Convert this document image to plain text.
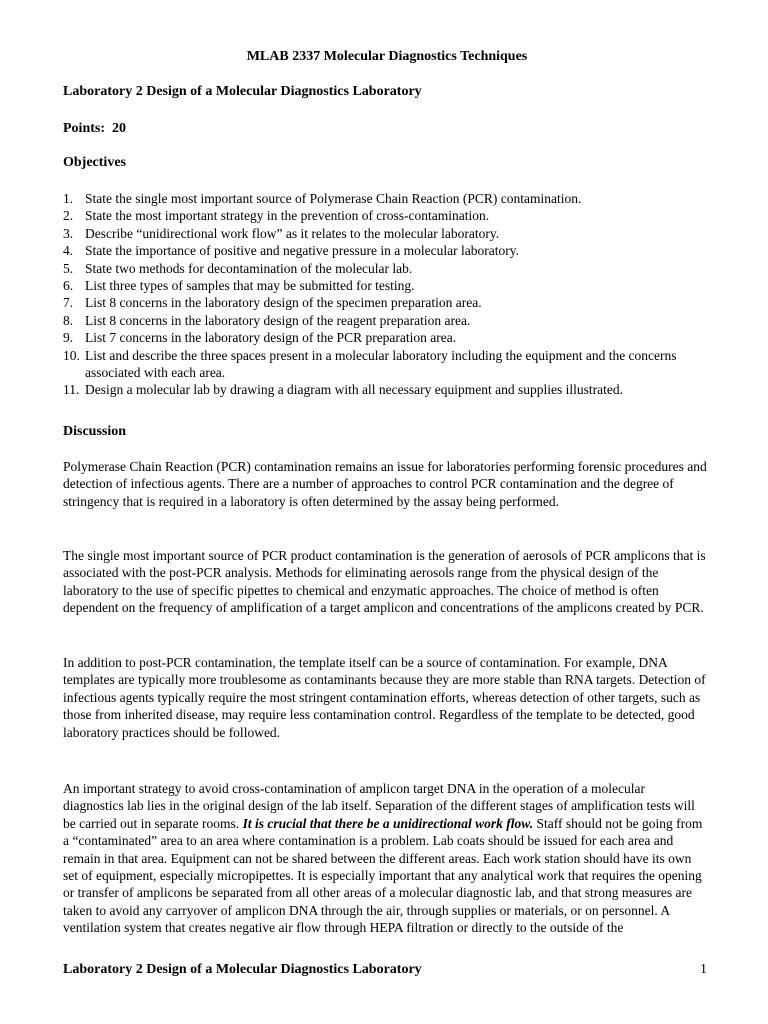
MLAB 2337 Molecular Diagnostics Techniques
Laboratory 2 Design of a Molecular Diagnostics Laboratory
Points:  20
Objectives
1. State the single most important source of Polymerase Chain Reaction (PCR) contamination.
2. State the most important strategy in the prevention of cross-contamination.
3. Describe “unidirectional work flow” as it relates to the molecular laboratory.
4. State the importance of positive and negative pressure in a molecular laboratory.
5. State two methods for decontamination of the molecular lab.
6. List three types of samples that may be submitted for testing.
7. List 8 concerns in the laboratory design of the specimen preparation area.
8. List 8 concerns in the laboratory design of the reagent preparation area.
9. List 7 concerns in the laboratory design of the PCR preparation area.
10. List and describe the three spaces present in a molecular laboratory including the equipment and the concerns associated with each area.
11. Design a molecular lab by drawing a diagram with all necessary equipment and supplies illustrated.
Discussion

Polymerase Chain Reaction (PCR) contamination remains an issue for laboratories performing forensic procedures and detection of infectious agents. There are a number of approaches to control PCR contamination and the degree of stringency that is required in a laboratory is often determined by the assay being performed.

The single most important source of PCR product contamination is the generation of aerosols of PCR amplicons that is associated with the post-PCR analysis. Methods for eliminating aerosols range from the physical design of the laboratory to the use of specific pipettes to chemical and enzymatic approaches. The choice of method is often dependent on the frequency of amplification of a target amplicon and concentrations of the amplicons created by PCR.

In addition to post-PCR contamination, the template itself can be a source of contamination. For example, DNA templates are typically more troublesome as contaminants because they are more stable than RNA targets. Detection of infectious agents typically require the most stringent contamination efforts, whereas detection of other targets, such as those from inherited disease, may require less contamination control. Regardless of the template to be detected, good laboratory practices should be followed.

An important strategy to avoid cross-contamination of amplicon target DNA in the operation of a molecular diagnostics lab lies in the original design of the lab itself. Separation of the different stages of amplification tests will be carried out in separate rooms. It is crucial that there be a unidirectional work flow. Staff should not be going from a “contaminated” area to an area where contamination is a problem. Lab coats should be issued for each area and remain in that area. Equipment can not be shared between the different areas. Each work station should have its own set of equipment, especially micropipettes. It is especially important that any analytical work that requires the opening or transfer of amplicons be separated from all other areas of a molecular diagnostic lab, and that strong measures are taken to avoid any carryover of amplicon DNA through the air, through supplies or materials, or on personnel. A ventilation system that creates negative air flow through HEPA filtration or directly to the outside of the

Laboratory 2 Design of a Molecular Diagnostics Laboratory	1
